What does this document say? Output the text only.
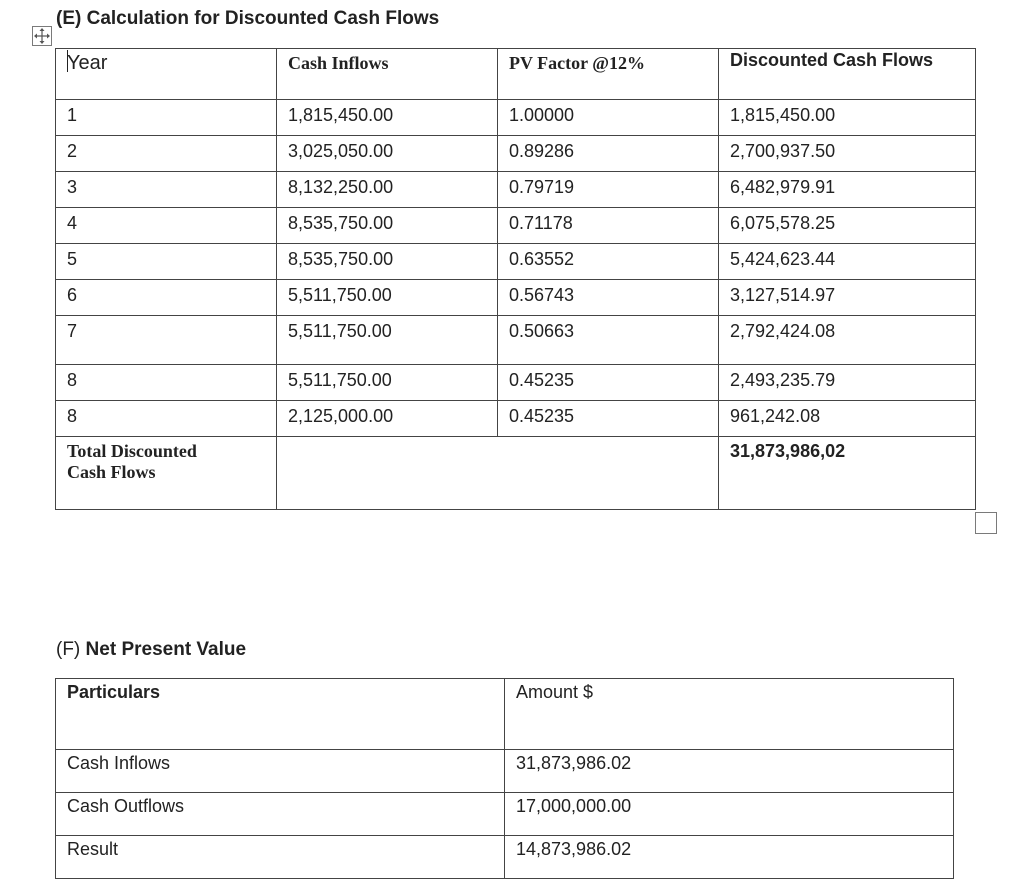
(E) Calculation for Discounted Cash Flows
Year	Cash Inflows	PV Factor @12%	Discounted Cash Flows
1	1,815,450.00	1.00000	1,815,450.00
2	3,025,050.00	0.89286	2,700,937.50
3	8,132,250.00	0.79719	6,482,979.91
4	8,535,750.00	0.71178	6,075,578.25
5	8,535,750.00	0.63552	5,424,623.44
6	5,511,750.00	0.56743	3,127,514.97
7	5,511,750.00	0.50663	2,792,424.08
8	5,511,750.00	0.45235	2,493,235.79
8	2,125,000.00	0.45235	961,242.08

Total Discounted
Cash Flows			31,873,986,02
(F) Net Present Value
Particulars	Amount $
Cash Inflows	31,873,986.02
Cash Outflows	17,000,000.00
Result	14,873,986.02
